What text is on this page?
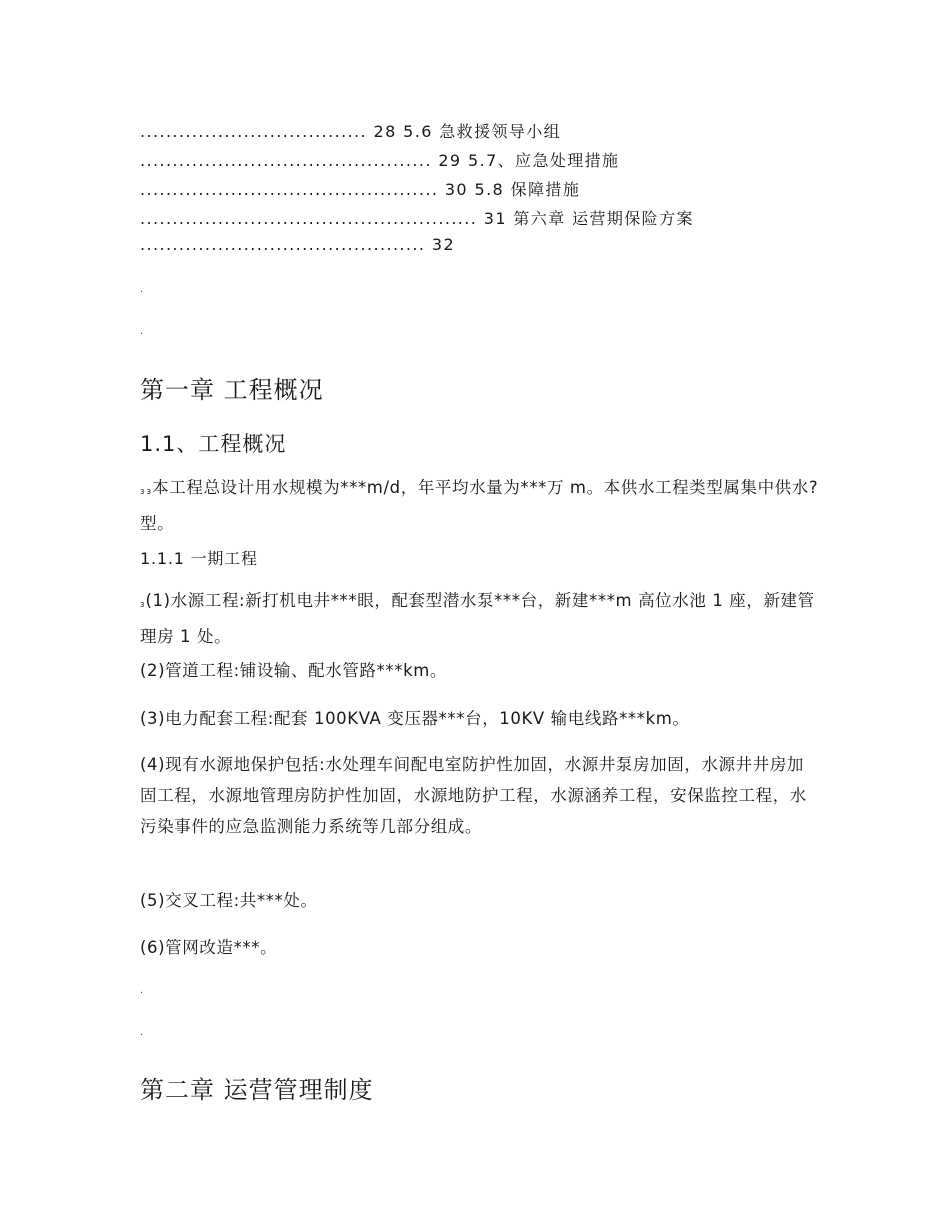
................................... 28 5.6 急救援领导小组
............................................. 29 5.7、应急处理措施
.............................................. 30 5.8 保障措施
.................................................... 31 第六章 运营期保险方案
............................................ 32
.
.
第一章 工程概况
1.1、工程概况
3 3本工程总设计用水规模为***m/d，年平均水量为***万 m。本供水工程类型属集中供水?型。
1.1.1 一期工程
3(1)水源工程:新打机电井***眼，配套型潜水泵***台，新建***m 高位水池 1 座，新建管理房 1 处。
(2)管道工程:铺设输、配水管路***km。
(3)电力配套工程:配套 100KVA 变压器***台，10KV 输电线路***km。
(4)现有水源地保护包括:水处理车间配电室防护性加固，水源井泵房加固，水源井井房加固工程，水源地管理房防护性加固，水源地防护工程，水源涵养工程，安保监控工程，水污染事件的应急监测能力系统等几部分组成。
(5)交叉工程:共***处。
(6)管网改造***。
.
.
第二章 运营管理制度
